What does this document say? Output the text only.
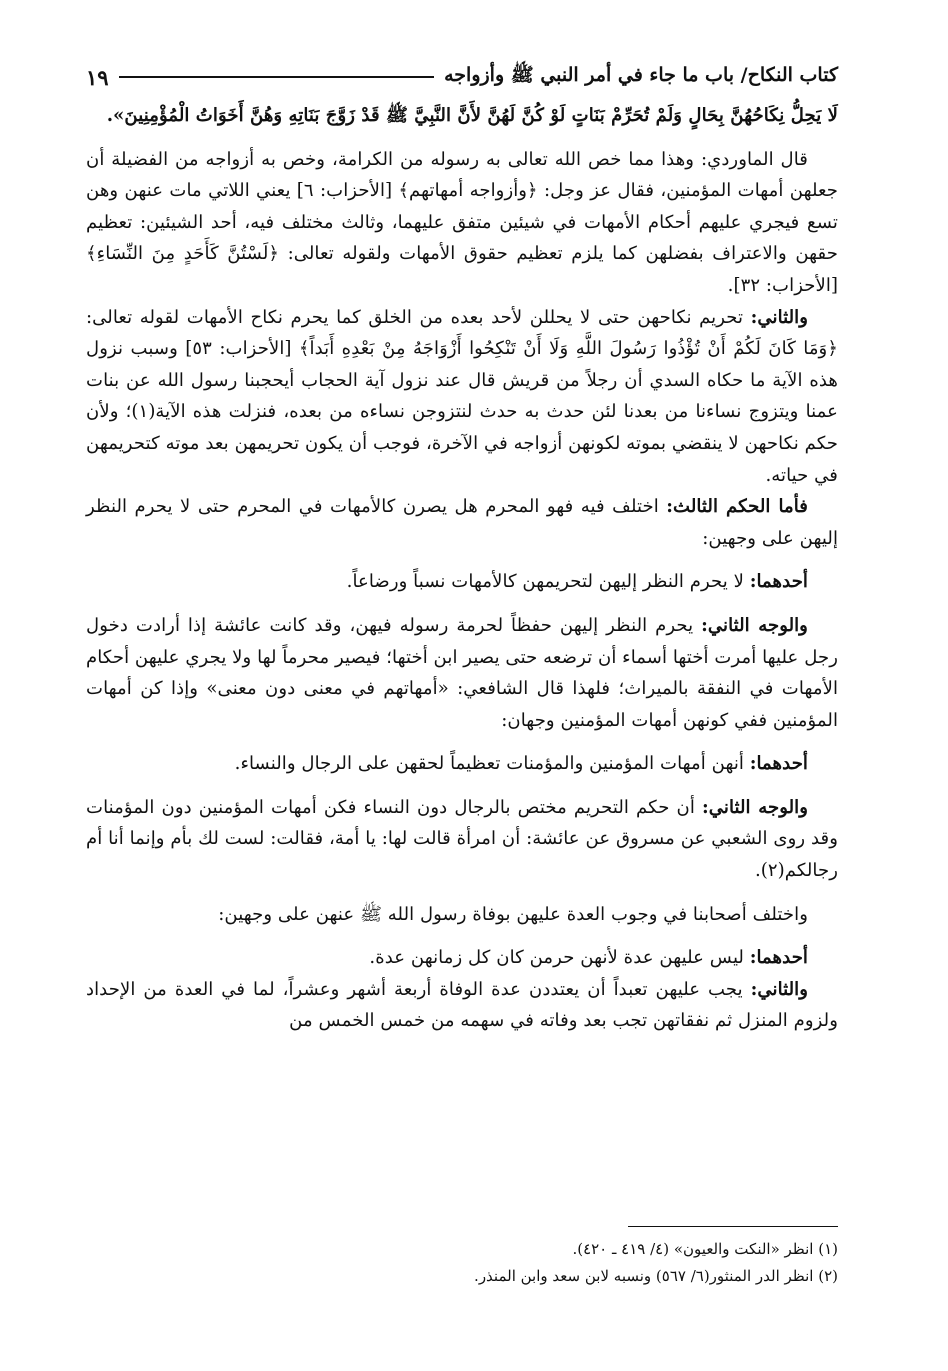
كتاب النكاح/ باب ما جاء في أمر النبي ﷺ وأزواجه
١٩

لَا يَحِلُّ نِكَاحُهُنَّ بِحَالٍ وَلَمْ تُحَرِّمْ بَنَاتٍ لَوْ كُنَّ لَهُنَّ لأَنَّ النَّبِيَّ ﷺ قَدْ زَوَّجَ بَنَاتِهِ وَهُنَّ أَخَوَاتُ الْمُؤْمِنِينَ».

قال الماوردي: وهذا مما خص الله تعالى به رسوله من الكرامة، وخص به أزواجه من الفضيلة أن جعلهن أمهات المؤمنين، فقال عز وجل: ﴿وأزواجه أمهاتهم﴾ [الأحزاب: ٦] يعني اللاتي مات عنهن وهن تسع فيجري عليهم أحكام الأمهات في شيئين متفق عليهما، وثالث مختلف فيه، أحد الشيئين: تعظيم حقهن والاعتراف بفضلهن كما يلزم تعظيم حقوق الأمهات ولقوله تعالى: ﴿لَسْتُنَّ كَأَحَدٍ مِنَ النِّسَاءِ﴾ [الأحزاب: ٣٢].

والثاني: تحريم نكاحهن حتى لا يحللن لأحد بعده من الخلق كما يحرم نكاح الأمهات لقوله تعالى: ﴿وَمَا كَانَ لَكُمْ أَنْ تُؤْذُوا رَسُولَ اللَّهِ وَلَا أَنْ تَنْكِحُوا أَزْوَاجَهُ مِنْ بَعْدِهِ أَبَداً﴾ [الأحزاب: ٥٣] وسبب نزول هذه الآية ما حكاه السدي أن رجلاً من قريش قال عند نزول آية الحجاب أيحجبنا رسول الله عن بنات عمنا ويتزوج نساءنا من بعدنا لئن حدث به حدث لنتزوجن نساءه من بعده، فنزلت هذه الآية(١)؛ ولأن حكم نكاحهن لا ينقضي بموته لكونهن أزواجه في الآخرة، فوجب أن يكون تحريمهن بعد موته كتحريمهن في حياته.

فأما الحكم الثالث: اختلف فيه فهو المحرم هل يصرن كالأمهات في المحرم حتى لا يحرم النظر إليهن على وجهين:

أحدهما: لا يحرم النظر إليهن لتحريمهن كالأمهات نسباً ورضاعاً.

والوجه الثاني: يحرم النظر إليهن حفظاً لحرمة رسوله فيهن، وقد كانت عائشة إذا أرادت دخول رجل عليها أمرت أختها أسماء أن ترضعه حتى يصير ابن أختها؛ فيصير محرماً لها ولا يجري عليهن أحكام الأمهات في النفقة بالميراث؛ فلهذا قال الشافعي: «أمهاتهم في معنى دون معنى» وإذا كن أمهات المؤمنين ففي كونهن أمهات المؤمنين وجهان:

أحدهما: أنهن أمهات المؤمنين والمؤمنات تعظيماً لحقهن على الرجال والنساء.

والوجه الثاني: أن حكم التحريم مختص بالرجال دون النساء فكن أمهات المؤمنين دون المؤمنات وقد روى الشعبي عن مسروق عن عائشة: أن امرأة قالت لها: يا أمة، فقالت: لست لك بأم وإنما أنا أم رجالكم(٢).

واختلف أصحابنا في وجوب العدة عليهن بوفاة رسول الله ﷺ عنهن على وجهين:

أحدهما: ليس عليهن عدة لأنهن حرمن كان كل زمانهن عدة.

والثاني: يجب عليهن تعبداً أن يعتددن عدة الوفاة أربعة أشهر وعشراً، لما في العدة من الإحداد ولزوم المنزل ثم نفقاتهن تجب بعد وفاته في سهمه من خمس الخمس من

(١) انظر «النكت والعيون» (٤/ ٤١٩ ـ ٤٢٠).

(٢) انظر الدر المنثور(٦/ ٥٦٧) ونسبه لابن سعد وابن المنذر.
